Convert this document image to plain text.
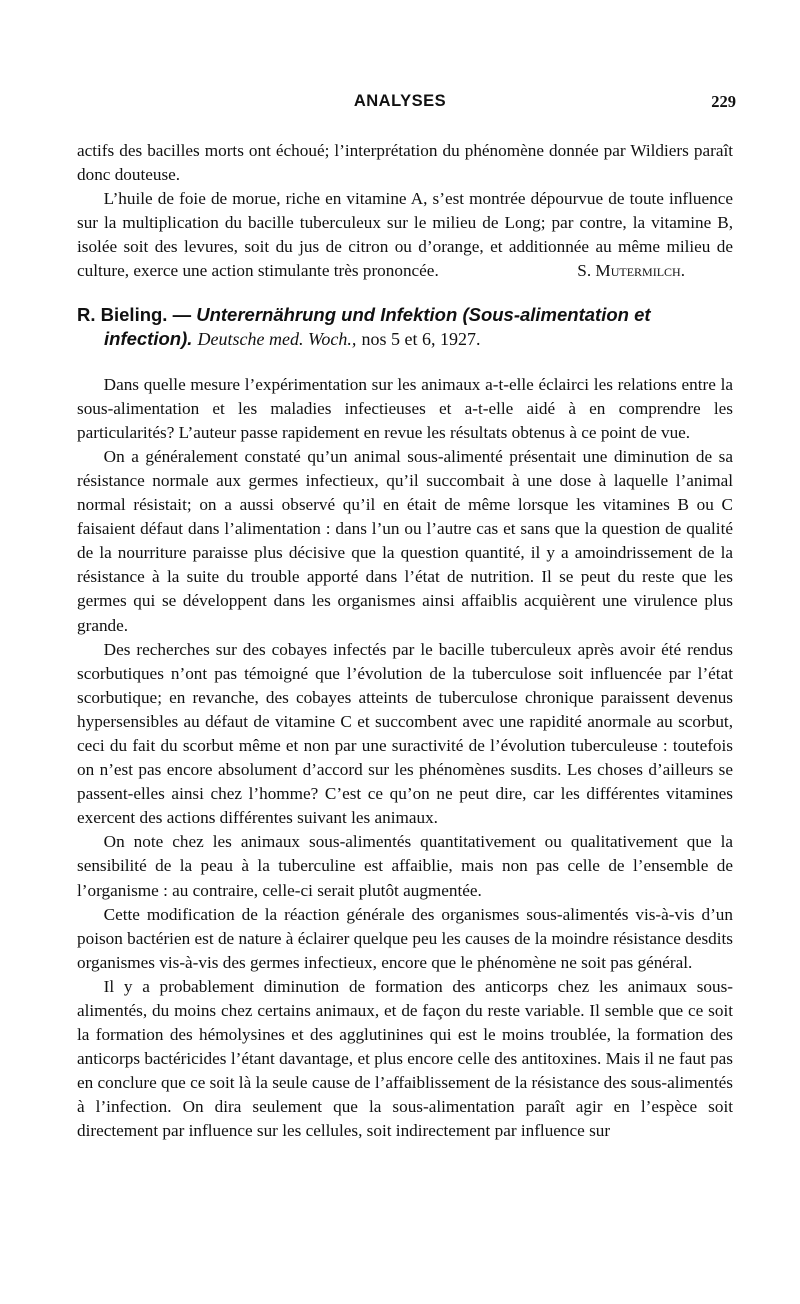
ANALYSES	229

actifs des bacilles morts ont échoué; l’interprétation du phénomène donnée par Wildiers paraît donc douteuse.

L’huile de foie de morue, riche en vitamine A, s’est montrée dépourvue de toute influence sur la multiplication du bacille tuberculeux sur le milieu de Long; par contre, la vitamine B, isolée soit des levures, soit du jus de citron ou d’orange, et additionnée au même milieu de culture, exerce une action stimulante très prononcée.	S. Mutermilch.

R. Bieling. — Unterernährung und Infektion (Sous-alimentation et infection). Deutsche med. Woch., nos 5 et 6, 1927.

Dans quelle mesure l’expérimentation sur les animaux a-t-elle éclairci les relations entre la sous-alimentation et les maladies infectieuses et a-t-elle aidé à en comprendre les particularités? L’auteur passe rapidement en revue les résultats obtenus à ce point de vue.

On a généralement constaté qu’un animal sous-alimenté présentait une diminution de sa résistance normale aux germes infectieux, qu’il succombait à une dose à laquelle l’animal normal résistait; on a aussi observé qu’il en était de même lorsque les vitamines B ou C faisaient défaut dans l’alimentation : dans l’un ou l’autre cas et sans que la question de qualité de la nourriture paraisse plus décisive que la question quantité, il y a amoindrissement de la résistance à la suite du trouble apporté dans l’état de nutrition. Il se peut du reste que les germes qui se développent dans les organismes ainsi affaiblis acquièrent une virulence plus grande.

Des recherches sur des cobayes infectés par le bacille tuberculeux après avoir été rendus scorbutiques n’ont pas témoigné que l’évolution de la tuberculose soit influencée par l’état scorbutique; en revanche, des cobayes atteints de tuberculose chronique paraissent devenus hypersensibles au défaut de vitamine C et succombent avec une rapidité anormale au scorbut, ceci du fait du scorbut même et non par une suractivité de l’évolution tuberculeuse : toutefois on n’est pas encore absolument d’accord sur les phénomènes susdits. Les choses d’ailleurs se passent-elles ainsi chez l’homme? C’est ce qu’on ne peut dire, car les différentes vitamines exercent des actions différentes suivant les animaux.

On note chez les animaux sous-alimentés quantitativement ou qualitativement que la sensibilité de la peau à la tuberculine est affaiblie, mais non pas celle de l’ensemble de l’organisme : au contraire, celle-ci serait plutôt augmentée.

Cette modification de la réaction générale des organismes sous-alimentés vis-à-vis d’un poison bactérien est de nature à éclairer quelque peu les causes de la moindre résistance desdits organismes vis-à-vis des germes infectieux, encore que le phénomène ne soit pas général.

Il y a probablement diminution de formation des anticorps chez les animaux sous-alimentés, du moins chez certains animaux, et de façon du reste variable. Il semble que ce soit la formation des hémolysines et des agglutinines qui est le moins troublée, la formation des anticorps bactéricides l’étant davantage, et plus encore celle des antitoxines. Mais il ne faut pas en conclure que ce soit là la seule cause de l’affaiblissement de la résistance des sous-alimentés à l’infection. On dira seulement que la sous-alimentation paraît agir en l’espèce soit directement par influence sur les cellules, soit indirectement par influence sur
